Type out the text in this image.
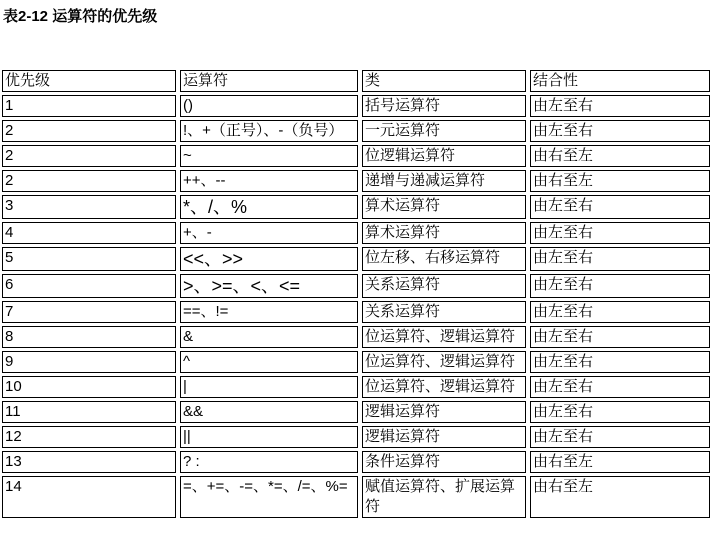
表2-12 运算符的优先级
优先级	运算符	类	结合性
1	()	括号运算符	由左至右
2	!、+（正号）、-（负号）	一元运算符	由左至右
2	~	位逻辑运算符	由右至左
2	++、--	递增与递减运算符	由右至左
3	*、/、%	算术运算符	由左至右
4	+、-	算术运算符	由左至右
5	<<、>>	位左移、右移运算符	由左至右
6	>、>=、<、<=	关系运算符	由左至右
7	==、!=	关系运算符	由左至右
8	&	位运算符、逻辑运算符	由左至右
9	^	位运算符、逻辑运算符	由左至右
10	|	位运算符、逻辑运算符	由左至右
11	&&	逻辑运算符	由左至右
12	||	逻辑运算符	由左至右
13	? :	条件运算符	由右至左
14	=、+=、-=、*=、/=、%=	赋值运算符、扩展运算符	由右至左
